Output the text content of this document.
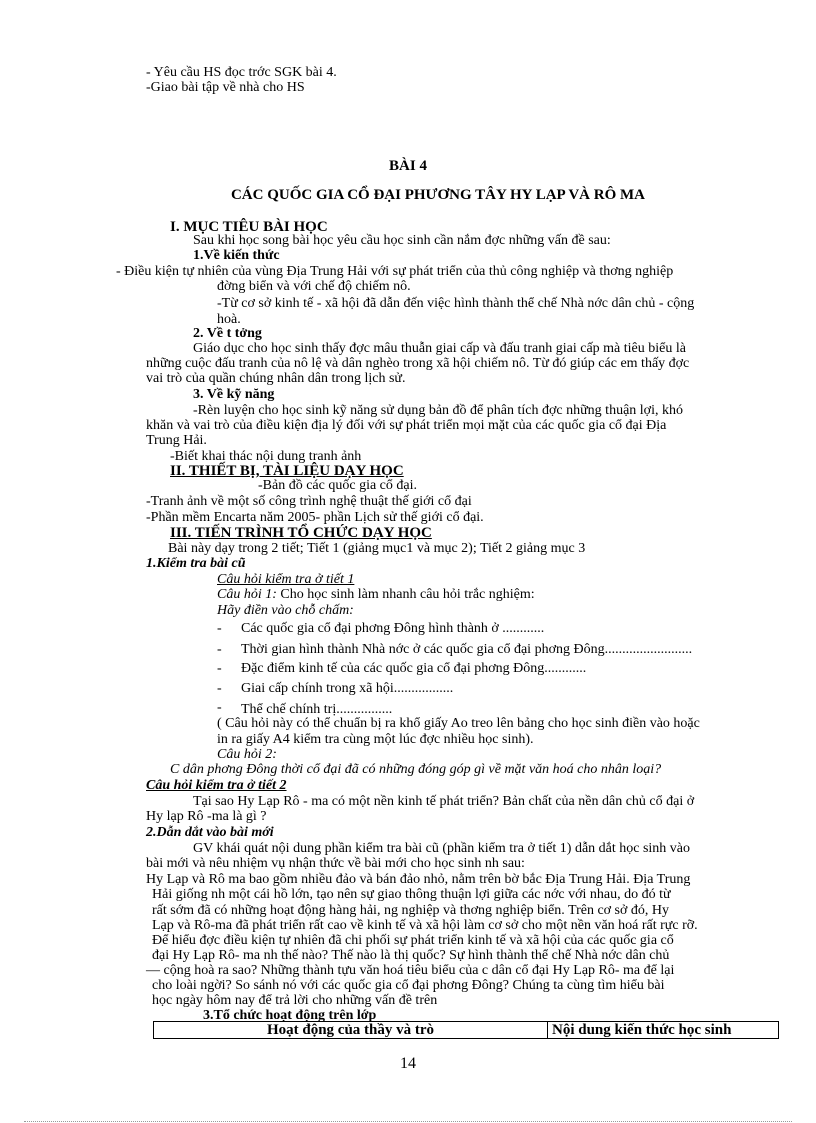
- Yêu cầu HS đọc trớc SGK bài 4.
-Giao bài tập về nhà cho HS
BÀI 4
CÁC QUỐC GIA CỔ ĐẠI PHƯƠNG TÂY HY LẠP VÀ RÔ MA
I. MỤC TIÊU BÀI HỌC
Sau khi học song bài học yêu cầu học sinh cần nắm đợc những vấn đề sau:
1.Về kiến thức
- Điều kiện tự nhiên của vùng Địa Trung Hải với sự phát triển của thủ công nghiệp và thơng nghiệp
đờng biển và với chế độ chiếm nô.
-Từ cơ sở kinh tế - xã hội đã dẫn đến việc hình thành thể chế Nhà nớc dân chủ - cộng
hoà.
2. Về t tởng
Giáo dục cho học sinh thấy đợc mâu thuẫn giai cấp và đấu tranh giai cấp mà tiêu biểu là
những cuộc đấu tranh của nô lệ và dân nghèo trong xã hội chiếm nô. Từ đó giúp các em thấy đợc
vai trò của quần chúng nhân dân trong lịch sử.
3. Về kỹ năng
-Rèn luyện cho học sinh kỹ năng sử dụng bản đồ để phân tích đợc những thuận lợi, khó
khăn và vai trò của điều kiện địa lý đối với sự phát triển mọi mặt của các quốc gia cổ đại Địa
Trung Hải.
-Biết khai thác nội dung tranh ảnh
II. THIẾT BỊ, TÀI LIỆU DẠY HỌC
-Bản đồ các quốc gia cổ đại.
-Tranh ảnh về một số công trình nghệ thuật thế giới cổ đại
-Phần mềm Encarta năm 2005- phần Lịch sử thế giới cổ đại.
III. TIẾN TRÌNH TỔ CHỨC DẠY HỌC
Bài này dạy trong 2 tiết; Tiết 1 (giảng mục1 và mục 2); Tiết 2 giảng mục 3
1.Kiểm tra bài cũ
Câu hỏi kiểm tra ở tiết 1
Câu hỏi 1: Cho học sinh làm nhanh câu hỏi trắc nghiệm:
Hãy điền vào chỗ chấm:
- Các quốc gia cổ đại phơng Đông hình thành ở ............
- Thời gian hình thành Nhà nớc ở các quốc gia cổ đại phơng Đông.........................
- Đặc điểm kinh tế của các quốc gia cổ đại phơng Đông............
- Giai cấp chính trong xã hội.................
- Thể chế chính trị................
( Câu hỏi này có thể chuẩn bị ra khổ giấy Ao treo lên bảng cho học sinh điền vào hoặc
in ra giấy A4 kiểm tra cùng một lúc đợc nhiều học sinh).
Câu hỏi 2:
C dân phơng Đông thời cổ đại đã có những đóng góp gì về mặt văn hoá cho nhân loại?
Câu hỏi kiểm tra ở tiết 2
Tại sao Hy Lạp Rô - ma có một nền kinh tế phát triển? Bản chất của nền dân chủ cổ đại ở
Hy lạp Rô -ma là gì ?
2.Dẫn dắt vào bài mới
GV khái quát nội dung phần kiểm tra bài cũ (phần kiểm tra ở tiết 1) dẫn dắt học sinh vào
bài mới và nêu nhiệm vụ nhận thức về bài mới cho học sinh nh sau:
Hy Lạp và Rô ma bao gồm nhiều đảo và bán đảo nhỏ, nằm trên bờ bắc Địa Trung Hải. Địa Trung
Hải giống nh một cái hồ lớn, tạo nên sự giao thông thuận lợi giữa các nớc với nhau, do đó từ
rất sớm đã có những hoạt động hàng hải, ng nghiệp và thơng nghiệp biển. Trên cơ sở đó, Hy
Lạp và Rô-ma đã phát triển rất cao về kinh tế và xã hội làm cơ sở cho một nền văn hoá rất rực rỡ.
Để hiểu đợc điều kiện tự nhiên đã chi phối sự phát triển kinh tế và xã hội của các quốc gia cổ
đại Hy Lạp Rô- ma nh thế nào? Thế nào là thị quốc? Sự hình thành thể chế Nhà nớc dân chủ
— cộng hoà ra sao? Những thành tựu văn hoá tiêu biểu của c dân cổ đại Hy Lạp Rô- ma để lại
cho loài ngời? So sánh nó với các quốc gia cổ đại phơng Đông? Chúng ta cùng tìm hiểu bài
học ngày hôm nay để trả lời cho những vấn đề trên
3.Tổ chức hoạt động trên lớp
Hoạt động của thầy và trò	Nội dung kiến thức học sinh
14
